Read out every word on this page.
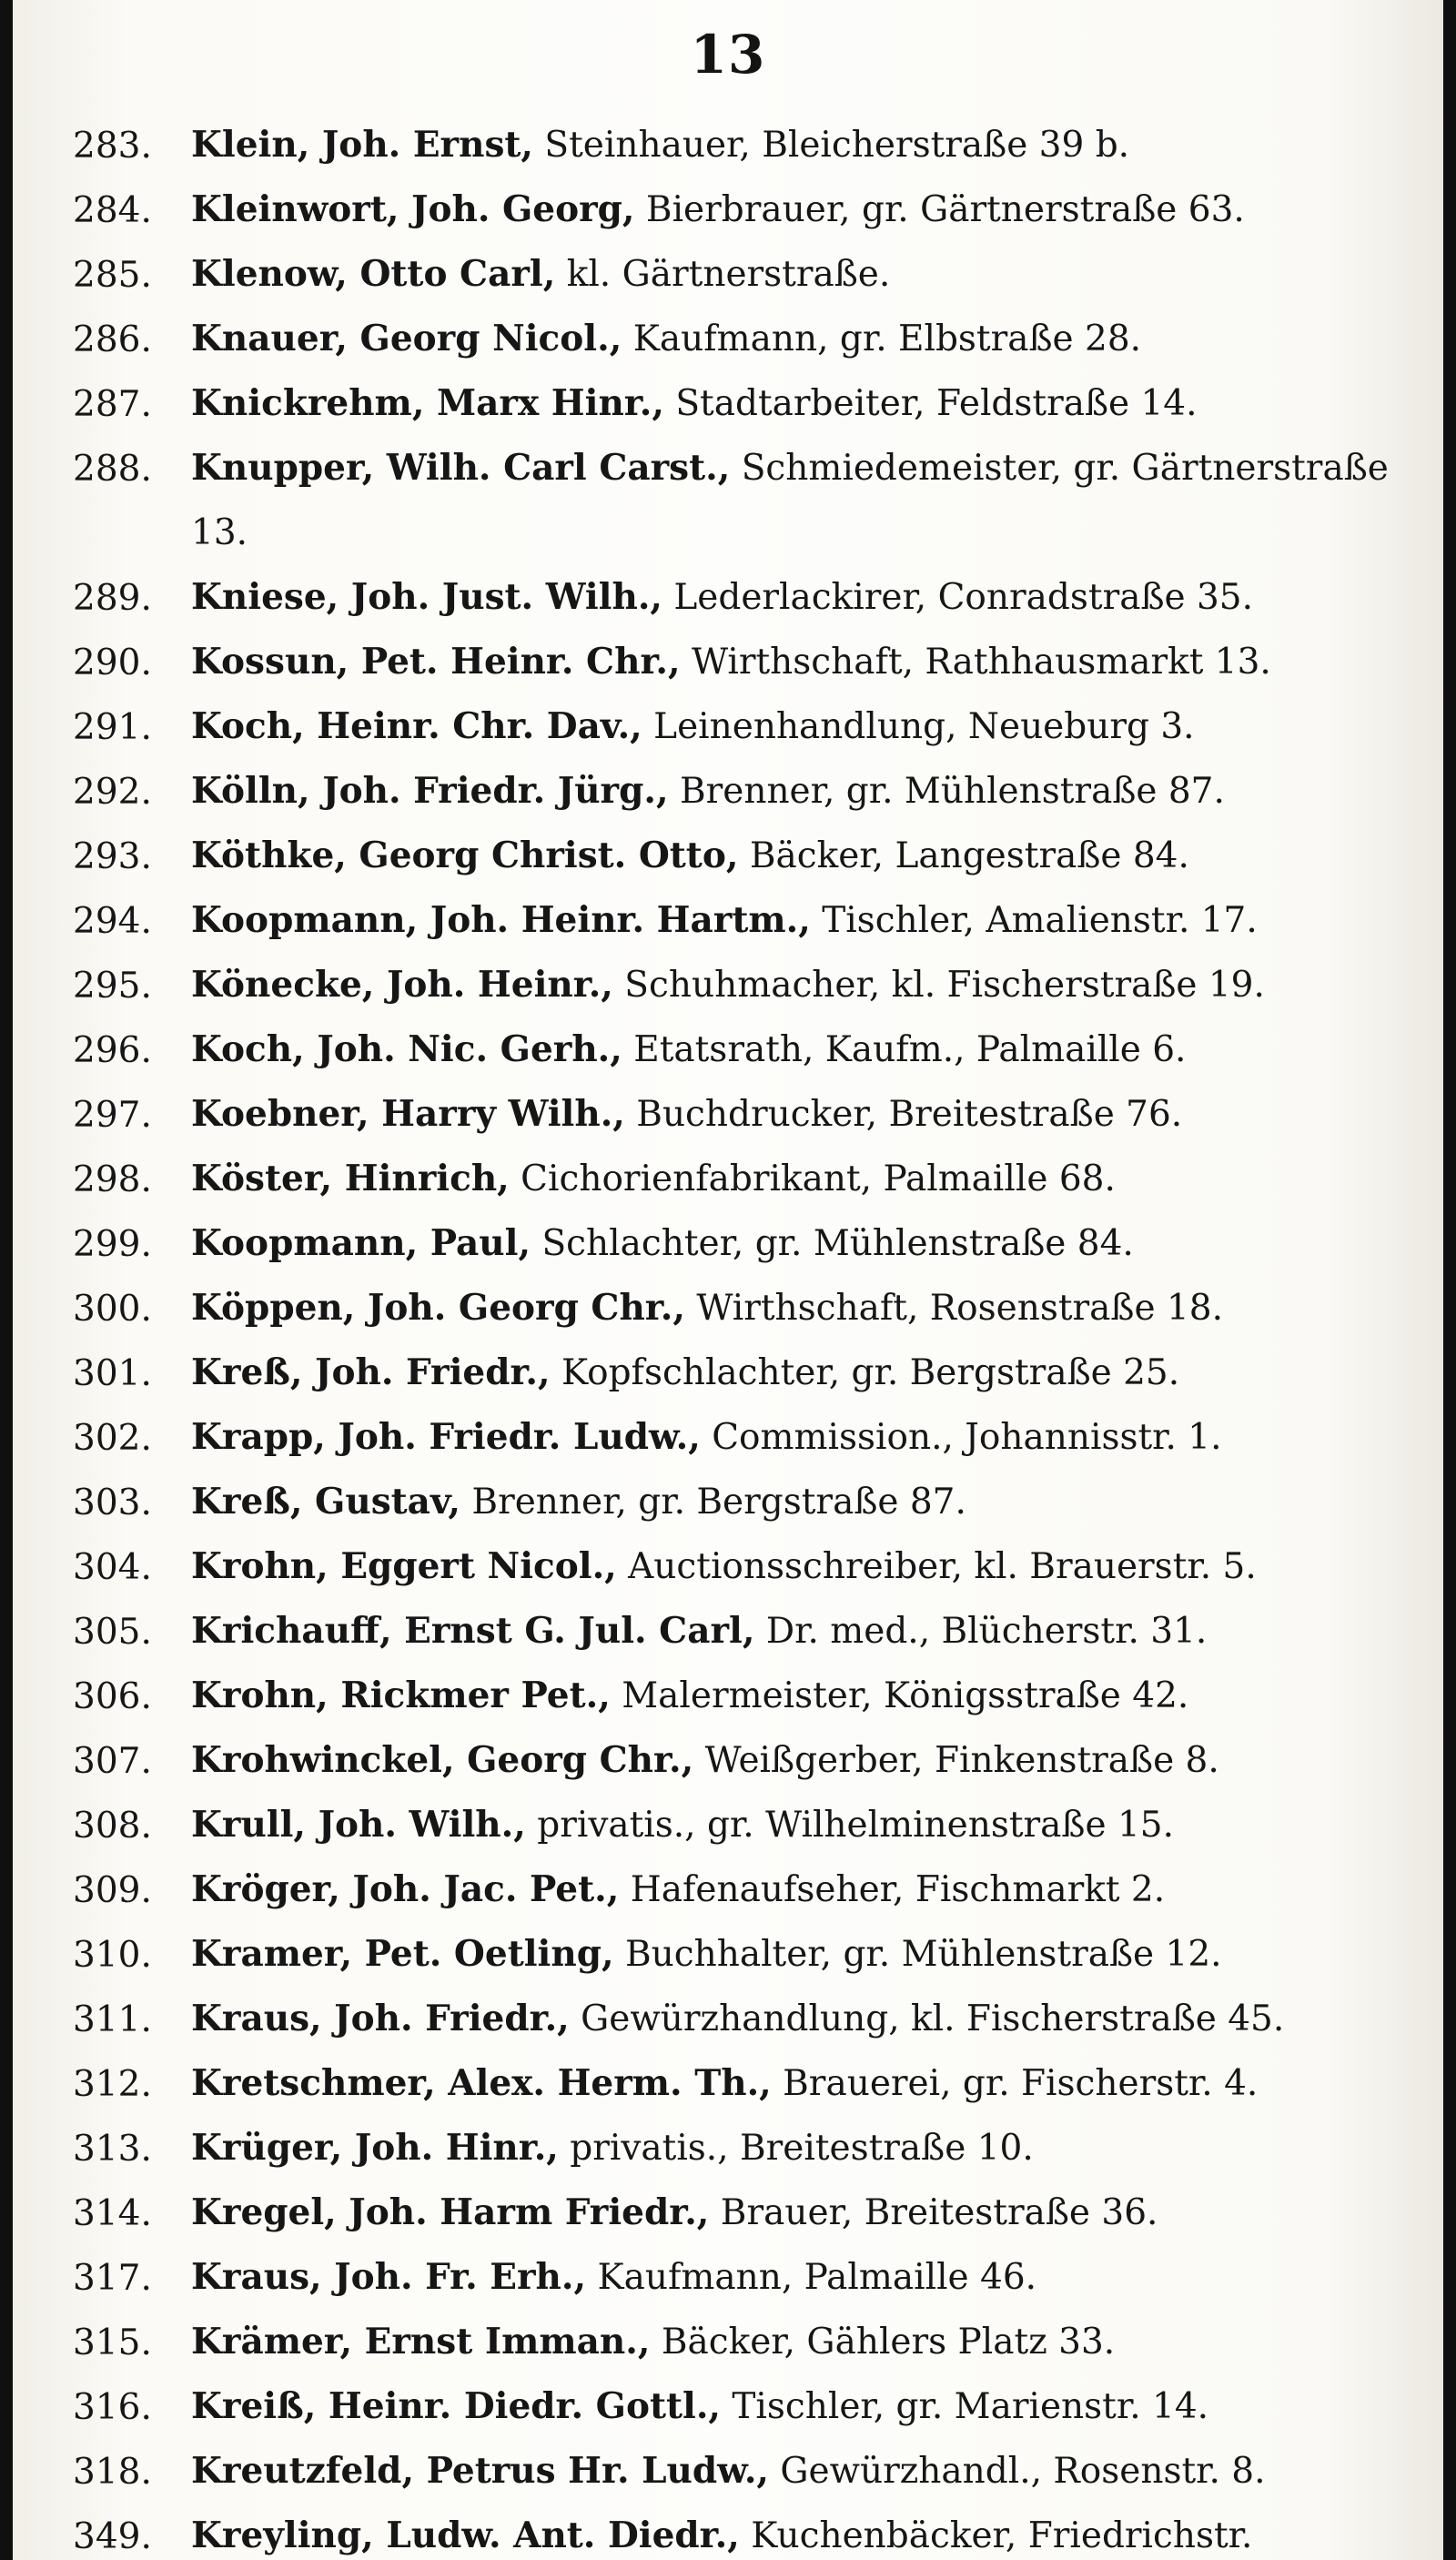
13
283.	Klein, Joh. Ernst, Steinhauer, Bleicherstraße 39 b.
284.	Kleinwort, Joh. Georg, Bierbrauer, gr. Gärtnerstraße 63.
285.	Klenow, Otto Carl, kl. Gärtnerstraße.
286.	Knauer, Georg Nicol., Kaufmann, gr. Elbstraße 28.
287.	Knickrehm, Marx Hinr., Stadtarbeiter, Feldstraße 14.
288.	Knupper, Wilh. Carl Carst., Schmiedemeister, gr. Gärtnerstraße 13.
289.	Kniese, Joh. Just. Wilh., Lederlackirer, Conradstraße 35.
290.	Kossun, Pet. Heinr. Chr., Wirthschaft, Rathhausmarkt 13.
291.	Koch, Heinr. Chr. Dav., Leinenhandlung, Neueburg 3.
292.	Kölln, Joh. Friedr. Jürg., Brenner, gr. Mühlenstraße 87.
293.	Köthke, Georg Christ. Otto, Bäcker, Langestraße 84.
294.	Koopmann, Joh. Heinr. Hartm., Tischler, Amalienstr. 17.
295.	Könecke, Joh. Heinr., Schuhmacher, kl. Fischerstraße 19.
296.	Koch, Joh. Nic. Gerh., Etatsrath, Kaufm., Palmaille 6.
297.	Koebner, Harry Wilh., Buchdrucker, Breitestraße 76.
298.	Köster, Hinrich, Cichorienfabrikant, Palmaille 68.
299.	Koopmann, Paul, Schlachter, gr. Mühlenstraße 84.
300.	Köppen, Joh. Georg Chr., Wirthschaft, Rosenstraße 18.
301.	Kreß, Joh. Friedr., Kopfschlachter, gr. Bergstraße 25.
302.	Krapp, Joh. Friedr. Ludw., Commission., Johannisstr. 1.
303.	Kreß, Gustav, Brenner, gr. Bergstraße 87.
304.	Krohn, Eggert Nicol., Auctionsschreiber, kl. Brauerstr. 5.
305.	Krichauff, Ernst G. Jul. Carl, Dr. med., Blücherstr. 31.
306.	Krohn, Rickmer Pet., Malermeister, Königsstraße 42.
307.	Krohwinckel, Georg Chr., Weißgerber, Finkenstraße 8.
308.	Krull, Joh. Wilh., privatis., gr. Wilhelminenstraße 15.
309.	Kröger, Joh. Jac. Pet., Hafenaufseher, Fischmarkt 2.
310.	Kramer, Pet. Oetling, Buchhalter, gr. Mühlenstraße 12.
311.	Kraus, Joh. Friedr., Gewürzhandlung, kl. Fischerstraße 45.
312.	Kretschmer, Alex. Herm. Th., Brauerei, gr. Fischerstr. 4.
313.	Krüger, Joh. Hinr., privatis., Breitestraße 10.
314.	Kregel, Joh. Harm Friedr., Brauer, Breitestraße 36.
317.	Kraus, Joh. Fr. Erh., Kaufmann, Palmaille 46.
315.	Krämer, Ernst Imman., Bäcker, Gählers Platz 33.
316.	Kreiß, Heinr. Diedr. Gottl., Tischler, gr. Marienstr. 14.
318.	Kreutzfeld, Petrus Hr. Ludw., Gewürzhandl., Rosenstr. 8.
349.	Kreyling, Ludw. Ant. Diedr., Kuchenbäcker, Friedrichstr.
